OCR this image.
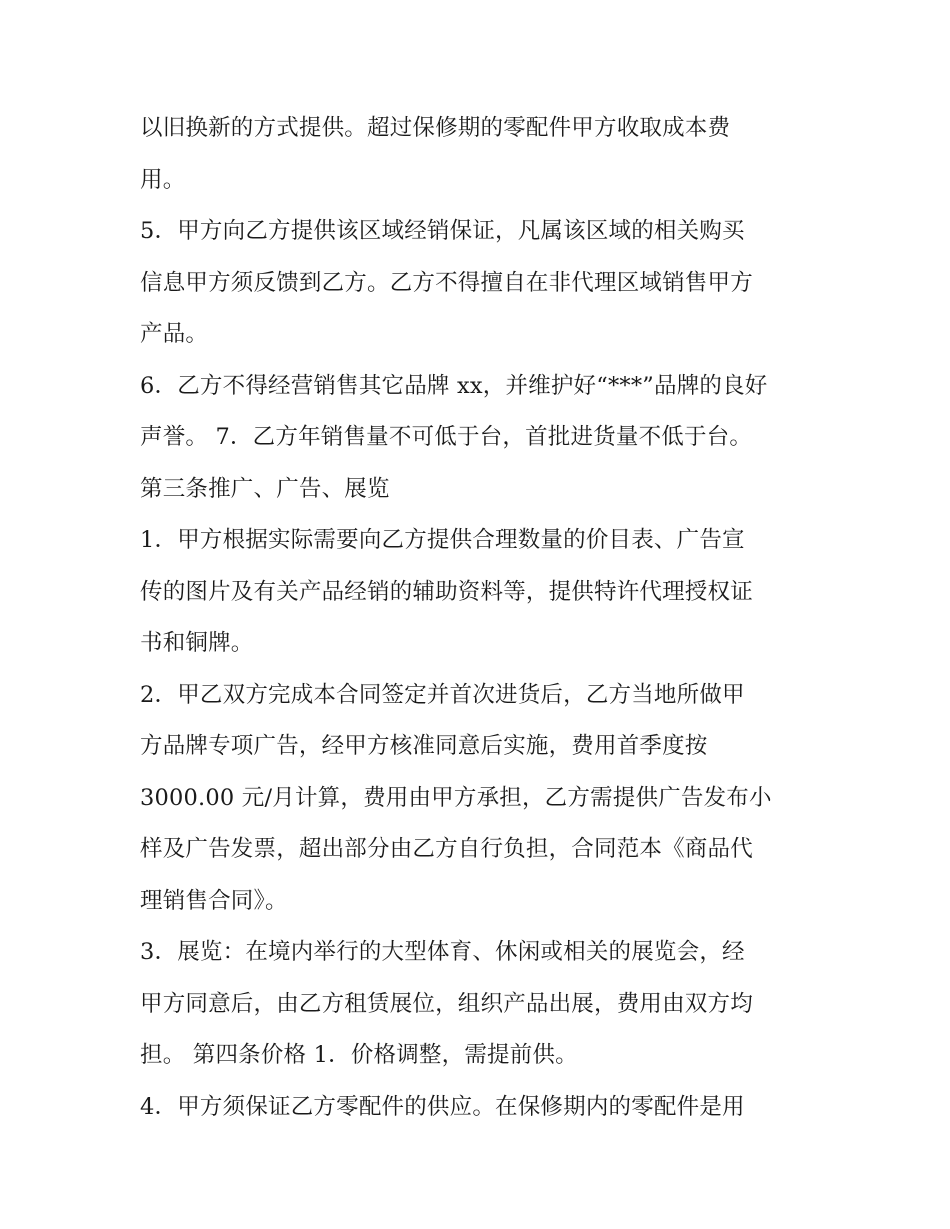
以旧换新的方式提供。超过保修期的零配件甲方收取成本费
用。
5．甲方向乙方提供该区域经销保证，凡属该区域的相关购买
信息甲方须反馈到乙方。乙方不得擅自在非代理区域销售甲方
产品。
6．乙方不得经营销售其它品牌 xx，并维护好“***”品牌的良好
声誉。 7．乙方年销售量不可低于台，首批进货量不低于台。
第三条推广、广告、展览
1．甲方根据实际需要向乙方提供合理数量的价目表、广告宣
传的图片及有关产品经销的辅助资料等，提供特许代理授权证
书和铜牌。
2．甲乙双方完成本合同签定并首次进货后，乙方当地所做甲
方品牌专项广告，经甲方核准同意后实施，费用首季度按
3000.00 元/月计算，费用由甲方承担，乙方需提供广告发布小
样及广告发票，超出部分由乙方自行负担，合同范本《商品代
理销售合同》。
3．展览：在境内举行的大型体育、休闲或相关的展览会，经
甲方同意后，由乙方租赁展位，组织产品出展，费用由双方均
担。 第四条价格 1．价格调整，需提前供。
4．甲方须保证乙方零配件的供应。在保修期内的零配件是用
